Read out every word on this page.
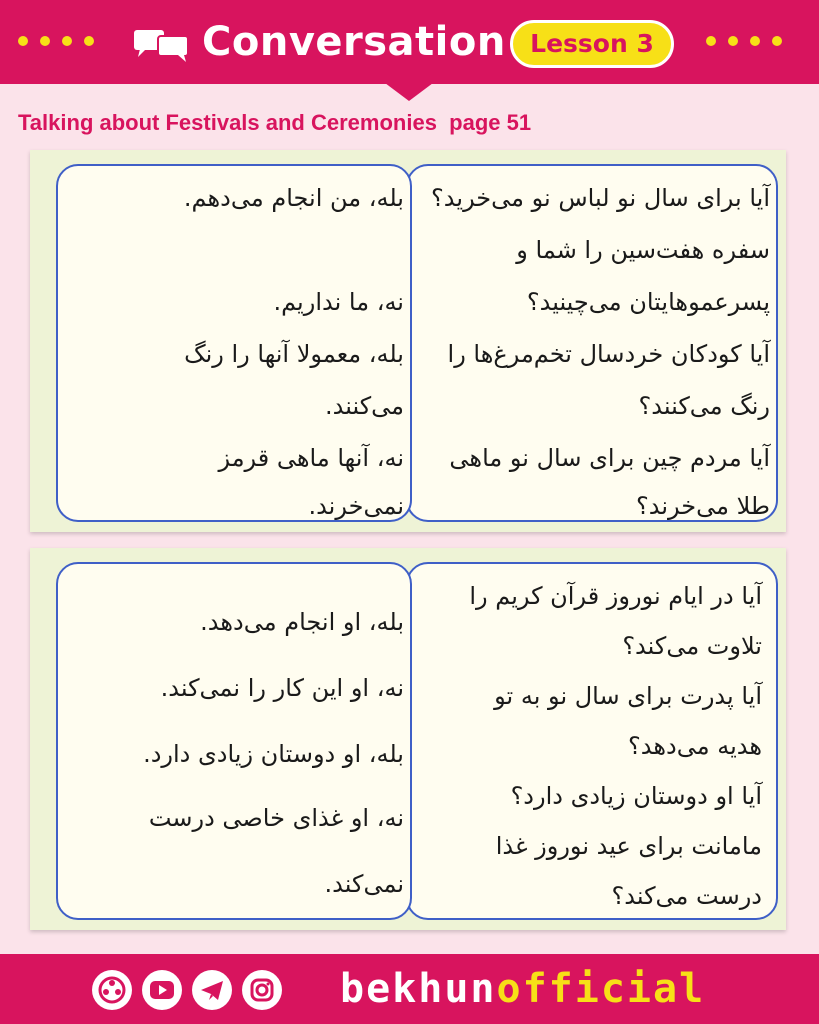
Conversation Lesson 3
Talking about Festivals and Ceremonies  page 51
آیا برای سال نو لباس نو می‌خرید؟
سفره هفت‌سین را شما و
پسرعموهایتان می‌چینید؟
آیا کودکان خردسال تخم‌مرغ‌ها را
رنگ می‌کنند؟
آیا مردم چین برای سال نو ماهی
طلا می‌خرند؟
بله، من انجام می‌دهم.
نه، ما نداریم.
بله، معمولا آنها را رنگ
می‌کنند.
نه، آنها ماهی قرمز
نمی‌خرند.
آیا در ایام نوروز قرآن کریم را
تلاوت می‌کند؟
آیا پدرت برای سال نو به تو
هدیه می‌دهد؟
آیا او دوستان زیادی دارد؟
مامانت برای عید نوروز غذا
درست می‌کند؟
بله، او انجام می‌دهد.
نه، او این کار را نمی‌کند.
بله، او دوستان زیادی دارد.
نه، او غذای خاصی درست
نمی‌کند.
bekhunofficial
